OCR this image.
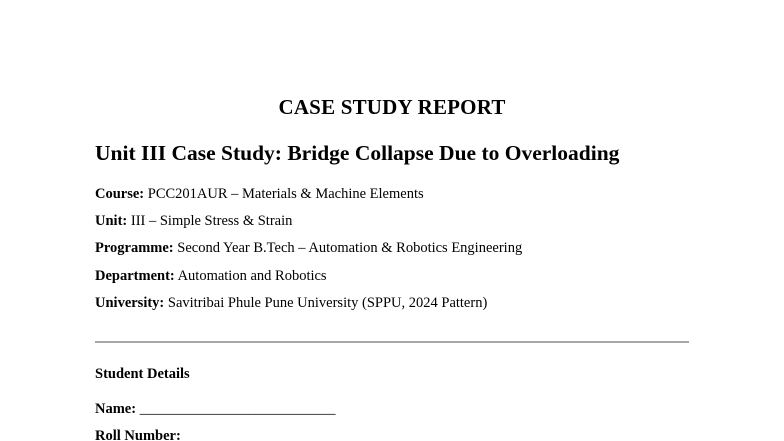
CASE STUDY REPORT
Unit III Case Study: Bridge Collapse Due to Overloading
Course: PCC201AUR – Materials & Machine Elements
Unit: III – Simple Stress & Strain
Programme: Second Year B.Tech – Automation & Robotics Engineering
Department: Automation and Robotics
University: Savitribai Phule Pune University (SPPU, 2024 Pattern)
Student Details
Name: ___________________________
Roll Number:
